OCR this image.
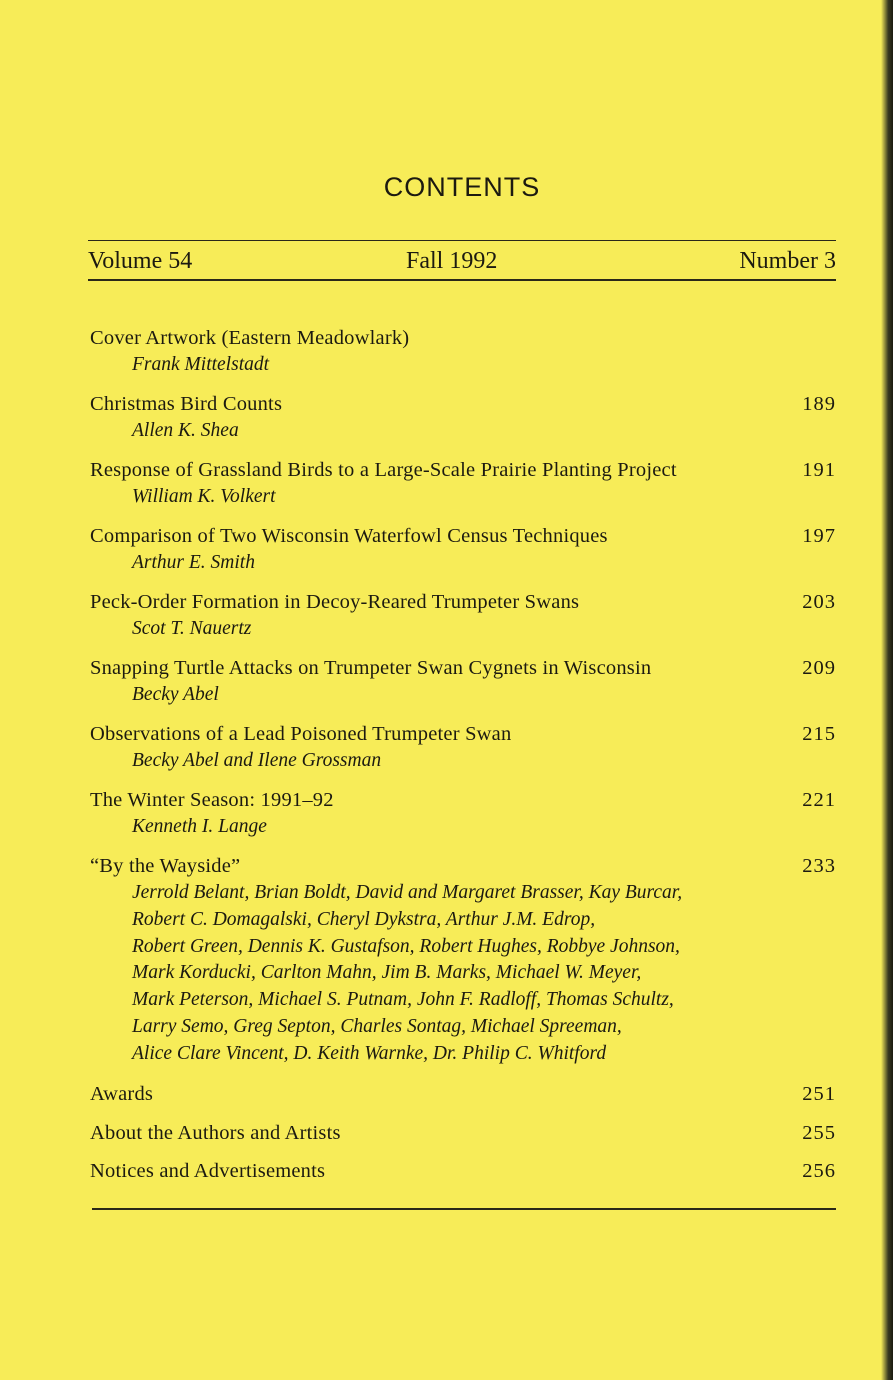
CONTENTS
Volume 54	Fall 1992	Number 3
Cover Artwork (Eastern Meadowlark)
Frank Mittelstadt
Christmas Bird Counts	189
Allen K. Shea
Response of Grassland Birds to a Large-Scale Prairie Planting Project	191
William K. Volkert
Comparison of Two Wisconsin Waterfowl Census Techniques	197
Arthur E. Smith
Peck-Order Formation in Decoy-Reared Trumpeter Swans	203
Scot T. Nauertz
Snapping Turtle Attacks on Trumpeter Swan Cygnets in Wisconsin	209
Becky Abel
Observations of a Lead Poisoned Trumpeter Swan	215
Becky Abel and Ilene Grossman
The Winter Season: 1991–92	221
Kenneth I. Lange
“By the Wayside”	233
Jerrold Belant, Brian Boldt, David and Margaret Brasser, Kay Burcar,
Robert C. Domagalski, Cheryl Dykstra, Arthur J.M. Edrop,
Robert Green, Dennis K. Gustafson, Robert Hughes, Robbye Johnson,
Mark Korducki, Carlton Mahn, Jim B. Marks, Michael W. Meyer,
Mark Peterson, Michael S. Putnam, John F. Radloff, Thomas Schultz,
Larry Semo, Greg Septon, Charles Sontag, Michael Spreeman,
Alice Clare Vincent, D. Keith Warnke, Dr. Philip C. Whitford
Awards	251
About the Authors and Artists	255
Notices and Advertisements	256
